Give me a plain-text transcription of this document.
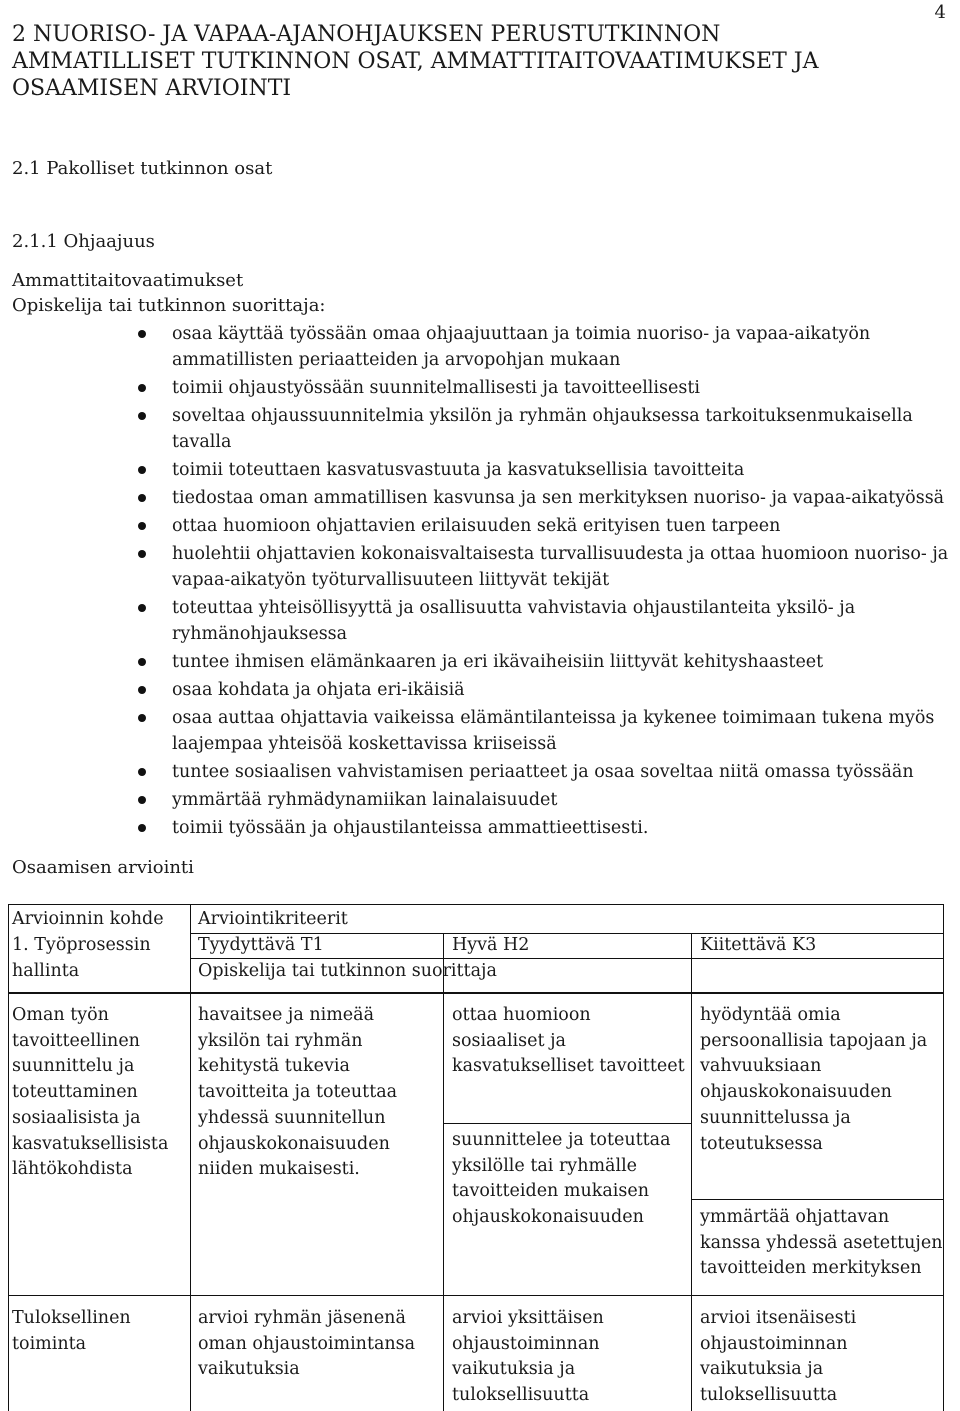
4
2 NUORISO- JA VAPAA-AJANOHJAUKSEN PERUSTUTKINNON
AMMATILLISET TUTKINNON OSAT, AMMATTITAITOVAATIMUKSET JA
OSAAMISEN ARVIOINTI
2.1 Pakolliset tutkinnon osat
2.1.1 Ohjaajuus
Ammattitaitovaatimukset
Opiskelija tai tutkinnon suorittaja:
osaa käyttää työssään omaa ohjaajuuttaan ja toimia nuoriso- ja vapaa-aikatyön
ammatillisten periaatteiden ja arvopohjan mukaan
toimii ohjaustyössään suunnitelmallisesti ja tavoitteellisesti
soveltaa ohjaussuunnitelmia yksilön ja ryhmän ohjauksessa tarkoituksenmukaisella tavalla
toimii toteuttaen kasvatusvastuuta ja kasvatuksellisia tavoitteita
tiedostaa oman ammatillisen kasvunsa ja sen merkityksen nuoriso- ja vapaa-aikatyössä
ottaa huomioon ohjattavien erilaisuuden sekä erityisen tuen tarpeen
huolehtii ohjattavien kokonaisvaltaisesta turvallisuudesta ja ottaa huomioon nuoriso- ja
vapaa-aikatyön työturvallisuuteen liittyvät tekijät
toteuttaa yhteisöllisyyttä ja osallisuutta vahvistavia ohjaustilanteita yksilö- ja
ryhmänohjauksessa
tuntee ihmisen elämänkaaren ja eri ikävaiheisiin liittyvät kehityshaasteet
osaa kohdata ja ohjata eri-ikäisiä
osaa auttaa ohjattavia vaikeissa elämäntilanteissa ja kykenee toimimaan tukena myös
laajempaa yhteisöä koskettavissa kriiseissä
tuntee sosiaalisen vahvistamisen periaatteet ja osaa soveltaa niitä omassa työssään
ymmärtää ryhmädynamiikan lainalaisuudet
toimii työssään ja ohjaustilanteissa ammattieettisesti.
Osaamisen arviointi
Arvioinnin kohde Arviointikriteerit
1. Työprosessin
hallinta
Tyydyttävä T1	Hyvä H2	Kiitettävä K3
Opiskelija tai tutkinnon suorittaja
Oman työn
tavoitteellinen
suunnittelu ja
toteuttaminen
sosiaalisista ja
kasvatuksellisista
lähtökohdista
havaitsee ja nimeää
yksilön tai ryhmän
kehitystä tukevia
tavoitteita ja toteuttaa
yhdessä suunnitellun
ohjauskokonaisuuden
niiden mukaisesti.
ottaa huomioon
sosiaaliset ja
kasvatukselliset tavoitteet
suunnittelee ja toteuttaa
yksilölle tai ryhmälle
tavoitteiden mukaisen
ohjauskokonaisuuden
hyödyntää omia
persoonallisia tapojaan ja
vahvuuksiaan
ohjauskokonaisuuden
suunnittelussa ja
toteutuksessa
ymmärtää ohjattavan
kanssa yhdessä asetettujen
tavoitteiden merkityksen
Tuloksellinen
toiminta
arvioi ryhmän jäsenenä
oman ohjaustoimintansa
vaikutuksia
arvioi yksittäisen
ohjaustoiminnan
vaikutuksia ja
tuloksellisuutta
arvioi itsenäisesti
ohjaustoiminnan
vaikutuksia ja
tuloksellisuutta
